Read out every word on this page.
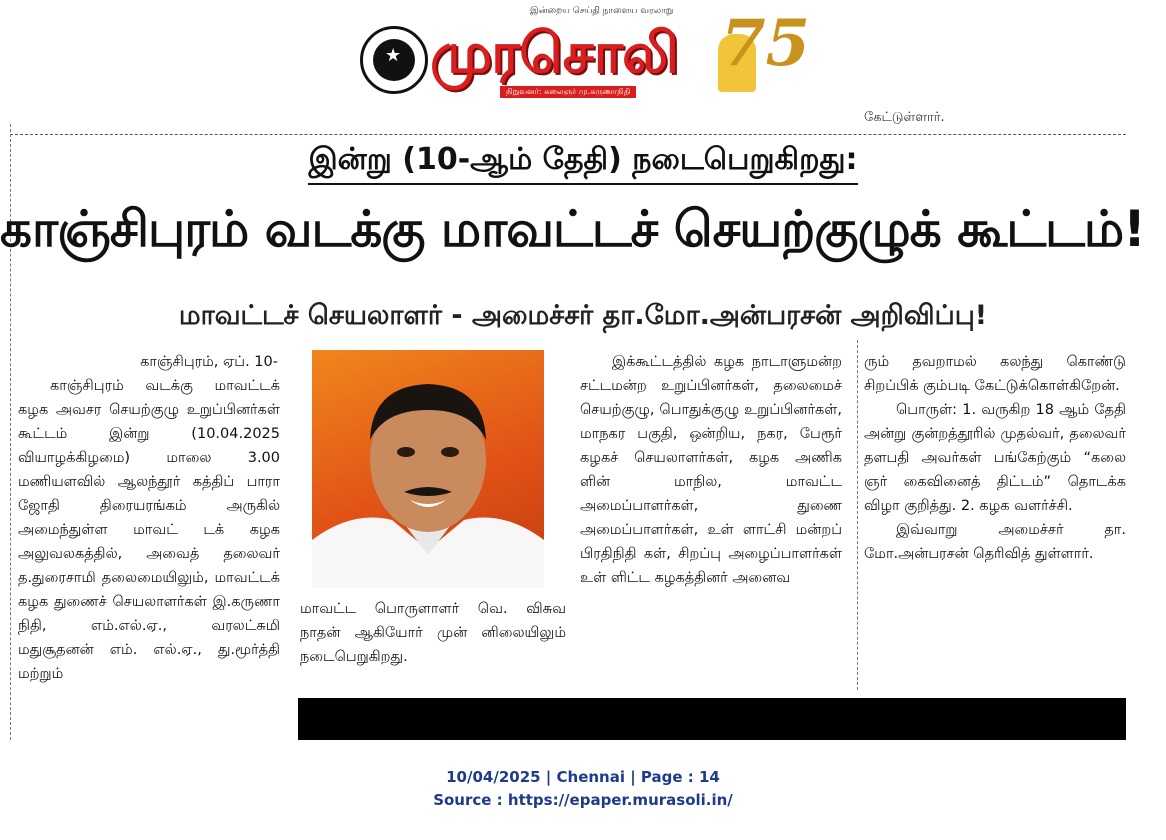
★
இன்றைய செய்தி நாளைய வரலாறு
முரசொலி
நிறுவனர்: கலைஞர் மு.கருணாநிதி
75
கேட்டுள்ளார்.
இன்று (10-ஆம் தேதி) நடைபெறுகிறது:
காஞ்சிபுரம் வடக்கு மாவட்டச் செயற்குழுக் கூட்டம்!
மாவட்டச் செயலாளர் - அமைச்சர் தா.மோ.அன்பரசன் அறிவிப்பு!
காஞ்சிபுரம், ஏப். 10-

காஞ்சிபுரம் வடக்கு மாவட்டக் கழக அவசர செயற்குழு உறுப்பினர்கள் கூட்டம் இன்று (10.04.2025 வியாழக்கிழமை) மாலை 3.00 மணியளவில் ஆலந்தூர் கத்திப் பாரா ஜோதி திரையரங்கம் அருகில் அமைந்துள்ள மாவட் டக் கழக அலுவலகத்தில், அவைத் தலைவர் த.துரைசாமி தலைமையிலும், மாவட்டக் கழக துணைச் செயலாளர்கள் இ.கருணா நிதி, எம்.எல்.ஏ., வரலட்சுமி மதுசூதனன் எம். எல்.ஏ., து.மூர்த்தி மற்றும்

மாவட்ட பொருளாளர் வெ. விசுவ நாதன் ஆகியோர் முன் னிலையிலும் நடைபெறுகிறது.

இக்கூட்டத்தில் கழக நாடாளுமன்ற சட்டமன்ற உறுப்பினர்கள், தலைமைச் செயற்குழு, பொதுக்குழு உறுப்பினர்கள், மாநகர பகுதி, ஒன்றிய, நகர, பேரூர் கழகச் செயலாளர்கள், கழக அணிக ளின் மாநில, மாவட்ட அமைப்பாளர்கள், துணை அமைப்பாளர்கள், உள் ளாட்சி மன்றப் பிரதிநிதி கள், சிறப்பு அழைப்பாளர்கள் உள் ளிட்ட கழகத்தினர் அனைவ

ரும் தவறாமல் கலந்து கொண்டு சிறப்பிக் கும்படி கேட்டுக்கொள்கிறேன்.

பொருள்: 1. வருகிற 18 ஆம் தேதி அன்று குன்றத்தூரில் முதல்வர், தலைவர் தளபதி அவர்கள் பங்கேற்கும் “கலை ஞர் கைவினைத் திட்டம்” தொடக்க விழா குறித்து. 2. கழக வளர்ச்சி.

இவ்வாறு அமைச்சர் தா. மோ.அன்பரசன் தெரிவித் துள்ளார்.

10/04/2025 | Chennai | Page : 14
Source : https://epaper.murasoli.in/
